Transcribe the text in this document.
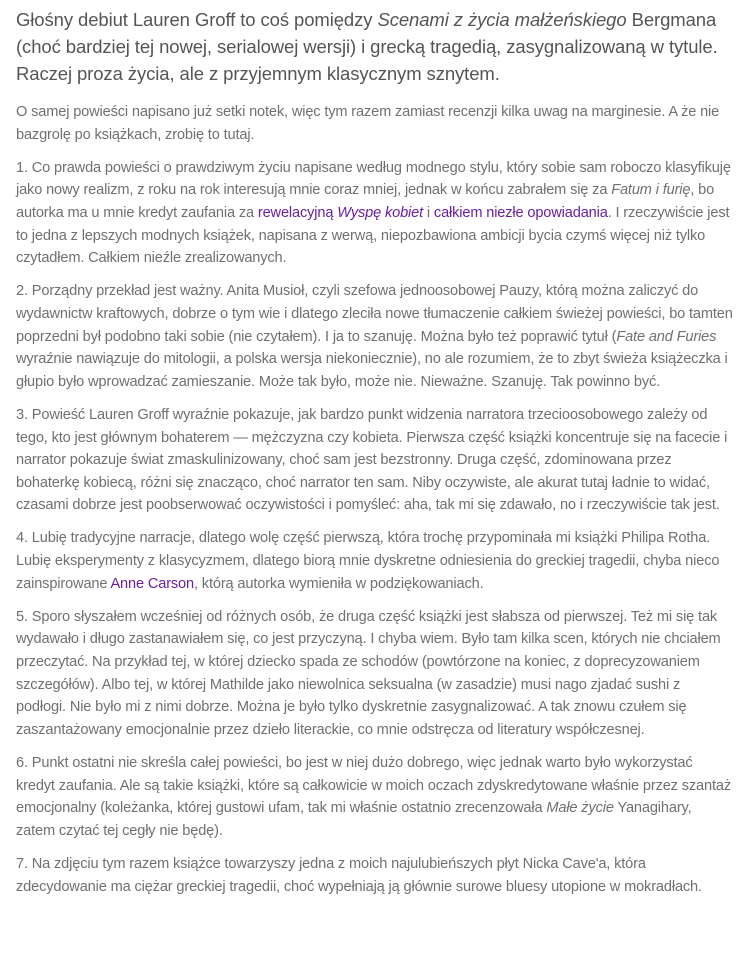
Głośny debiut Lauren Groff to coś pomiędzy Scenami z życia małżeńskiego Bergmana (choć bardziej tej nowej, serialowej wersji) i grecką tragedią, zasygnalizowaną w tytule. Raczej proza życia, ale z przyjemnym klasycznym sznytem.

O samej powieści napisano już setki notek, więc tym razem zamiast recenzji kilka uwag na marginesie. A że nie bazgrolę po książkach, zrobię to tutaj.

1. Co prawda powieści o prawdziwym życiu napisane według modnego stylu, który sobie sam roboczo klasyfikuję jako nowy realizm, z roku na rok interesują mnie coraz mniej, jednak w końcu zabrałem się za Fatum i furię, bo autorka ma u mnie kredyt zaufania za rewelacyjną Wyspę kobiet i całkiem niezłe opowiadania. I rzeczywiście jest to jedna z lepszych modnych książek, napisana z werwą, niepozbawiona ambicji bycia czymś więcej niż tylko czytadłem. Całkiem nieźle zrealizowanych.

2. Porządny przekład jest ważny. Anita Musioł, czyli szefowa jednoosobowej Pauzy, którą można zaliczyć do wydawnictw kraftowych, dobrze o tym wie i dlatego zleciła nowe tłumaczenie całkiem świeżej powieści, bo tamten poprzedni był podobno taki sobie (nie czytałem). I ja to szanuję. Można było też poprawić tytuł (Fate and Furies wyraźnie nawiązuje do mitologii, a polska wersja niekoniecznie), no ale rozumiem, że to zbyt świeża książeczka i głupio było wprowadzać zamieszanie. Może tak było, może nie. Nieważne. Szanuję. Tak powinno być.

3. Powieść Lauren Groff wyraźnie pokazuje, jak bardzo punkt widzenia narratora trzecioosobowego zależy od tego, kto jest głównym bohaterem — mężczyzna czy kobieta. Pierwsza część książki koncentruje się na facecie i narrator pokazuje świat zmaskulinizowany, choć sam jest bezstronny. Druga część, zdominowana przez bohaterkę kobiecą, różni się znacząco, choć narrator ten sam. Niby oczywiste, ale akurat tutaj ładnie to widać, czasami dobrze jest poobserwować oczywistości i pomyśleć: aha, tak mi się zdawało, no i rzeczywiście tak jest.

4. Lubię tradycyjne narracje, dlatego wolę część pierwszą, która trochę przypominała mi książki Philipa Rotha. Lubię eksperymenty z klasycyzmem, dlatego biorą mnie dyskretne odniesienia do greckiej tragedii, chyba nieco zainspirowane Anne Carson, którą autorka wymieniła w podziękowaniach.

5. Sporo słyszałem wcześniej od różnych osób, że druga część książki jest słabsza od pierwszej. Też mi się tak wydawało i długo zastanawiałem się, co jest przyczyną. I chyba wiem. Było tam kilka scen, których nie chciałem przeczytać. Na przykład tej, w której dziecko spada ze schodów (powtórzone na koniec, z doprecyzowaniem szczegółów). Albo tej, w której Mathilde jako niewolnica seksualna (w zasadzie) musi nago zjadać sushi z podłogi. Nie było mi z nimi dobrze. Można je było tylko dyskretnie zasygnalizować. A tak znowu czułem się zaszantażowany emocjonalnie przez dzieło literackie, co mnie odstręcza od literatury współczesnej.

6. Punkt ostatni nie skreśla całej powieści, bo jest w niej dużo dobrego, więc jednak warto było wykorzystać kredyt zaufania. Ale są takie książki, które są całkowicie w moich oczach zdyskredytowane właśnie przez szantaż emocjonalny (koleżanka, której gustowi ufam, tak mi właśnie ostatnio zrecenzowała Małe życie Yanagihary, zatem czytać tej cegły nie będę).

7. Na zdjęciu tym razem książce towarzyszy jedna z moich najulubieńszych płyt Nicka Cave'a, która zdecydowanie ma ciężar greckiej tragedii, choć wypełniają ją głównie surowe bluesy utopione w mokradłach.
